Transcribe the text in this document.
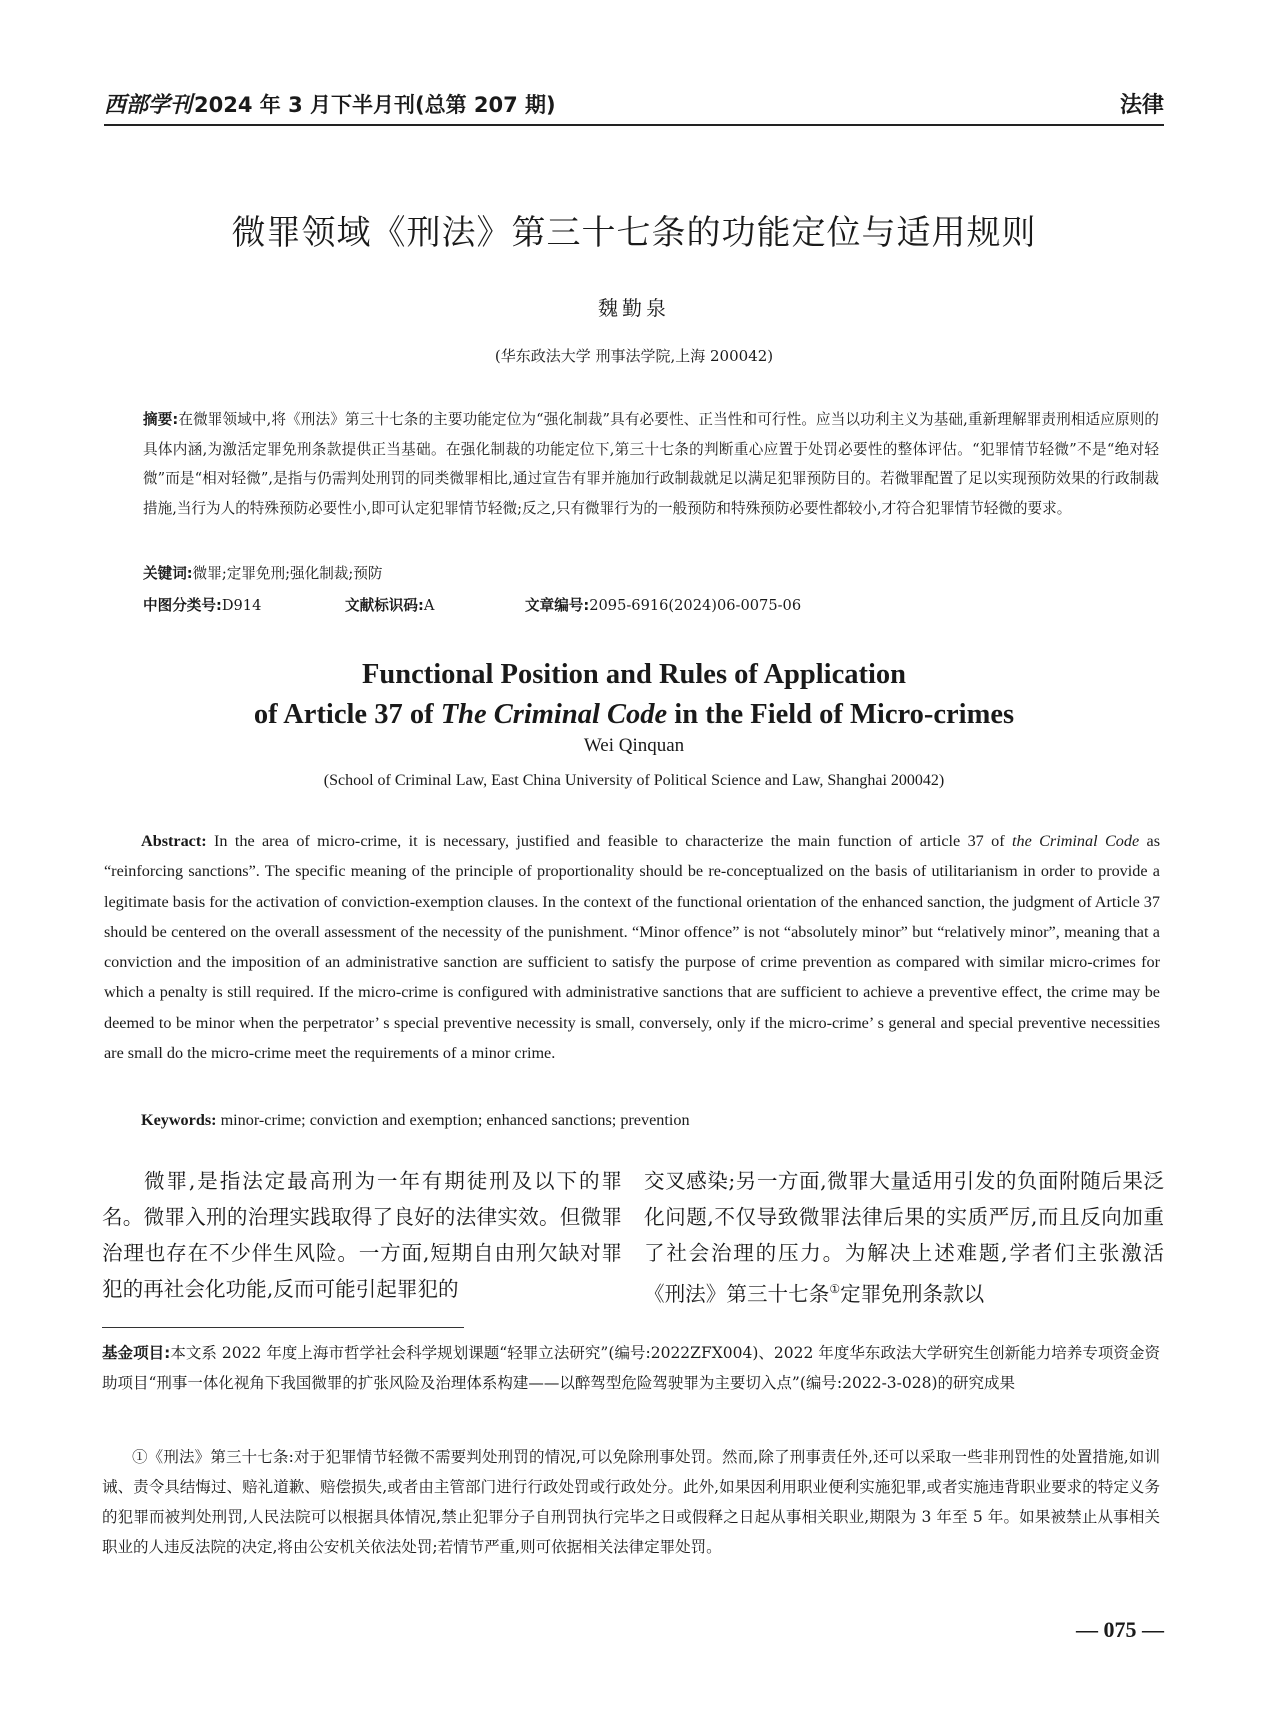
西部学刊2024 年 3 月下半月刊(总第 207 期)	法律
微罪领域《刑法》第三十七条的功能定位与适用规则
魏勤泉
(华东政法大学 刑事法学院,上海 200042)
摘要:在微罪领域中,将《刑法》第三十七条的主要功能定位为“强化制裁”具有必要性、正当性和可行性。应当以功利主义为基础,重新理解罪责刑相适应原则的具体内涵,为激活定罪免刑条款提供正当基础。在强化制裁的功能定位下,第三十七条的判断重心应置于处罚必要性的整体评估。“犯罪情节轻微”不是“绝对轻微”而是“相对轻微”,是指与仍需判处刑罚的同类微罪相比,通过宣告有罪并施加行政制裁就足以满足犯罪预防目的。若微罪配置了足以实现预防效果的行政制裁措施,当行为人的特殊预防必要性小,即可认定犯罪情节轻微;反之,只有微罪行为的一般预防和特殊预防必要性都较小,才符合犯罪情节轻微的要求。
关键词:微罪;定罪免刑;强化制裁;预防
中图分类号:D914	文献标识码:A	文章编号:2095-6916(2024)06-0075-06
Functional Position and Rules of Application
of Article 37 of The Criminal Code in the Field of Micro-crimes
Wei Qinquan
(School of Criminal Law, East China University of Political Science and Law, Shanghai 200042)
Abstract: In the area of micro-crime, it is necessary, justified and feasible to characterize the main function of article 37 of the Criminal Code as “reinforcing sanctions”. The specific meaning of the principle of proportionality should be re-conceptualized on the basis of utilitarianism in order to provide a legitimate basis for the activation of conviction-exemption clauses. In the context of the functional orientation of the enhanced sanction, the judgment of Article 37 should be centered on the overall assessment of the necessity of the punishment. “Minor offence” is not “absolutely minor” but “relatively minor”, meaning that a conviction and the imposition of an administrative sanction are sufficient to satisfy the purpose of crime prevention as compared with similar micro-crimes for which a penalty is still required. If the micro-crime is configured with administrative sanctions that are sufficient to achieve a preventive effect, the crime may be deemed to be minor when the perpetrator’ s special preventive necessity is small, conversely, only if the micro-crime’ s general and special preventive necessities are small do the micro-crime meet the requirements of a minor crime.
Keywords: minor-crime; conviction and exemption; enhanced sanctions; prevention
微罪,是指法定最高刑为一年有期徒刑及以下的罪名。微罪入刑的治理实践取得了良好的法律实效。但微罪治理也存在不少伴生风险。一方面,短期自由刑欠缺对罪犯的再社会化功能,反而可能引起罪犯的
交叉感染;另一方面,微罪大量适用引发的负面附随后果泛化问题,不仅导致微罪法律后果的实质严厉,而且反向加重了社会治理的压力。为解决上述难题,学者们主张激活《刑法》第三十七条①定罪免刑条款以
基金项目:本文系 2022 年度上海市哲学社会科学规划课题“轻罪立法研究”(编号:2022ZFX004)、2022 年度华东政法大学研究生创新能力培养专项资金资助项目“刑事一体化视角下我国微罪的扩张风险及治理体系构建——以醉驾型危险驾驶罪为主要切入点”(编号:2022-3-028)的研究成果
①《刑法》第三十七条:对于犯罪情节轻微不需要判处刑罚的情况,可以免除刑事处罚。然而,除了刑事责任外,还可以采取一些非刑罚性的处置措施,如训诫、责令具结悔过、赔礼道歉、赔偿损失,或者由主管部门进行行政处罚或行政处分。此外,如果因利用职业便利实施犯罪,或者实施违背职业要求的特定义务的犯罪而被判处刑罚,人民法院可以根据具体情况,禁止犯罪分子自刑罚执行完毕之日或假释之日起从事相关职业,期限为 3 年至 5 年。如果被禁止从事相关职业的人违反法院的决定,将由公安机关依法处罚;若情节严重,则可依据相关法律定罪处罚。
— 075 —
